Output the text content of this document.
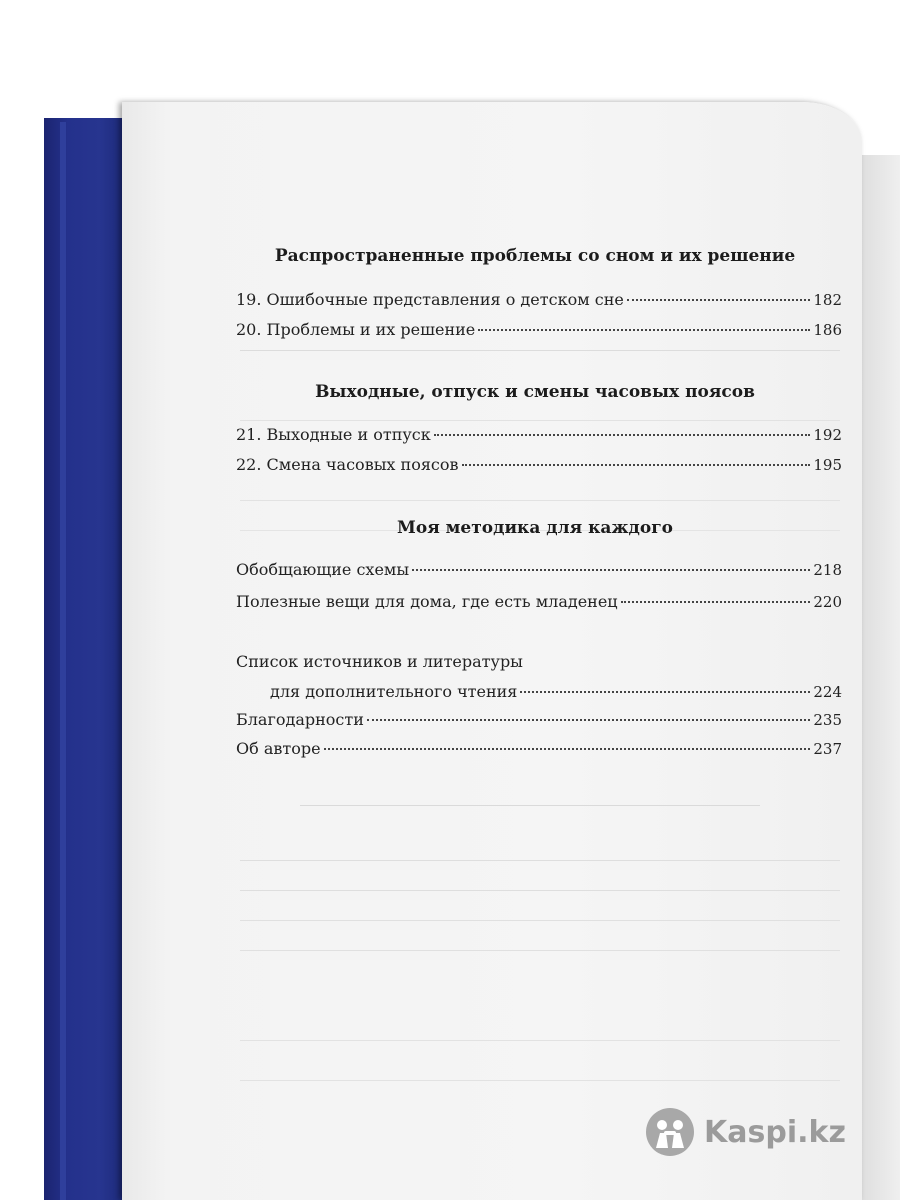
Распространенные проблемы со сном и их решение
19. Ошибочные представления о детском сне	182
20. Проблемы и их решение	186
Выходные, отпуск и смены часовых поясов
21. Выходные и отпуск	192
22. Смена часовых поясов	195
Моя методика для каждого
Обобщающие схемы	218
Полезные вещи для дома, где есть младенец	220
Список источников и литературы
для дополнительного чтения	224
Благодарности	235
Об авторе	237
Kaspi.kz
